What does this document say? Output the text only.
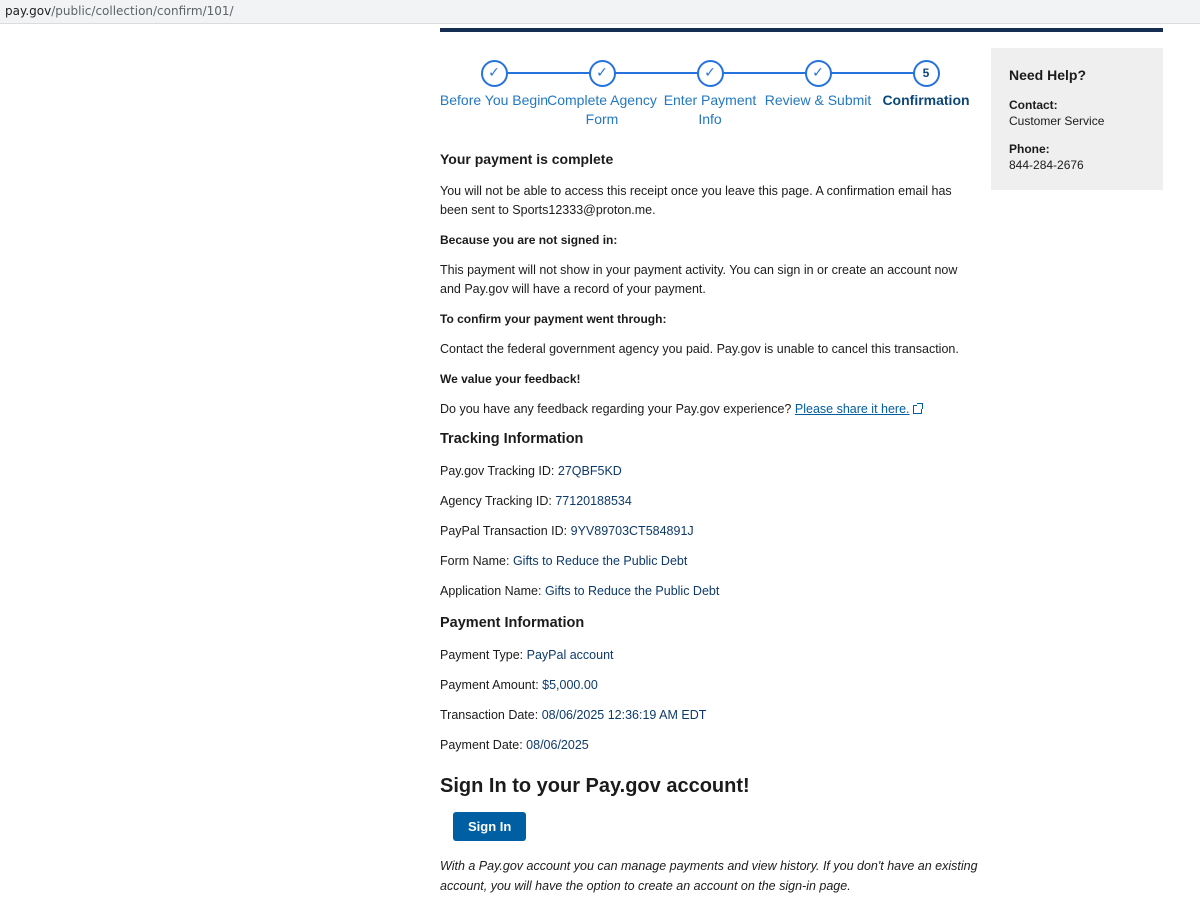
pay.gov/public/collection/confirm/101/
✓
Before You Begin
✓
Complete Agency Form
✓
Enter Payment Info
✓
Review & Submit
5
Confirmation
Your payment is complete

You will not be able to access this receipt once you leave this page. A confirmation email has been sent to Sports12333@proton.me.

Because you are not signed in:

This payment will not show in your payment activity. You can sign in or create an account now and Pay.gov will have a record of your payment.

To confirm your payment went through:

Contact the federal government agency you paid. Pay.gov is unable to cancel this transaction.

We value your feedback!

Do you have any feedback regarding your Pay.gov experience? Please share it here.

Tracking Information
Pay.gov Tracking ID: 27QBF5KD
Agency Tracking ID: 77120188534
PayPal Transaction ID: 9YV89703CT584891J
Form Name: Gifts to Reduce the Public Debt
Application Name: Gifts to Reduce the Public Debt
Payment Information
Payment Type: PayPal account
Payment Amount: $5,000.00
Transaction Date: 08/06/2025 12:36:19 AM EDT
Payment Date: 08/06/2025
Sign In to your Pay.gov account!
Sign In

With a Pay.gov account you can manage payments and view history. If you don't have an existing account, you will have the option to create an account on the sign-in page.

Need Help?
Contact:
Customer Service
Phone:
844-284-2676
